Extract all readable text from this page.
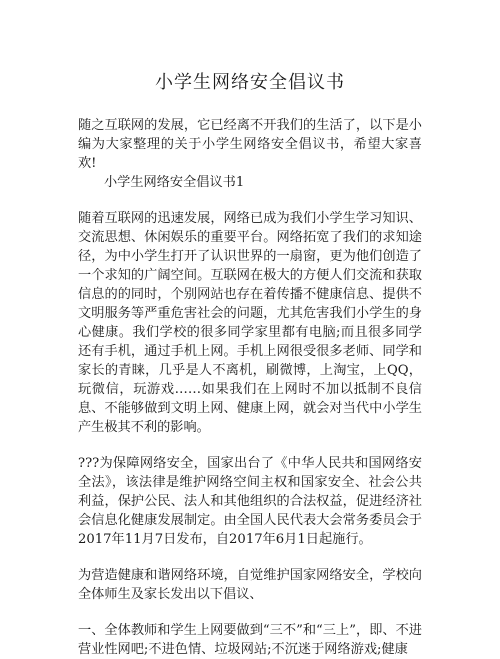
小学生网络安全倡议书

随之互联网的发展，它已经离不开我们的生活了，以下是小编为大家整理的关于小学生网络安全倡议书，希望大家喜欢!

小学生网络安全倡议书1

随着互联网的迅速发展，网络已成为我们小学生学习知识、交流思想、休闲娱乐的重要平台。网络拓宽了我们的求知途径，为中小学生打开了认识世界的一扇窗，更为他们创造了一个求知的广阔空间。互联网在极大的方便人们交流和获取信息的的同时，个别网站也存在着传播不健康信息、提供不文明服务等严重危害社会的问题，尤其危害我们小学生的身心健康。我们学校的很多同学家里都有电脑;而且很多同学还有手机，通过手机上网。手机上网很受很多老师、同学和家长的青睐，几乎是人不离机，刷微博，上淘宝，上QQ，玩微信，玩游戏……如果我们在上网时不加以抵制不良信息、不能够做到文明上网、健康上网，就会对当代中小学生产生极其不利的影响。

???为保障网络安全，国家出台了《中华人民共和国网络安全法》，该法律是维护网络空间主权和国家安全、社会公共利益，保护公民、法人和其他组织的合法权益，促进经济社会信息化健康发展制定。由全国人民代表大会常务委员会于2017年11月7日发布，自2017年6月1日起施行。

为营造健康和谐网络环境，自觉维护国家网络安全，学校向全体师生及家长发出以下倡议、

一、全体教师和学生上网要做到“三不”和“三上”，即、不进营业性网吧;不进色情、垃圾网站;不沉迷于网络游戏;健康
